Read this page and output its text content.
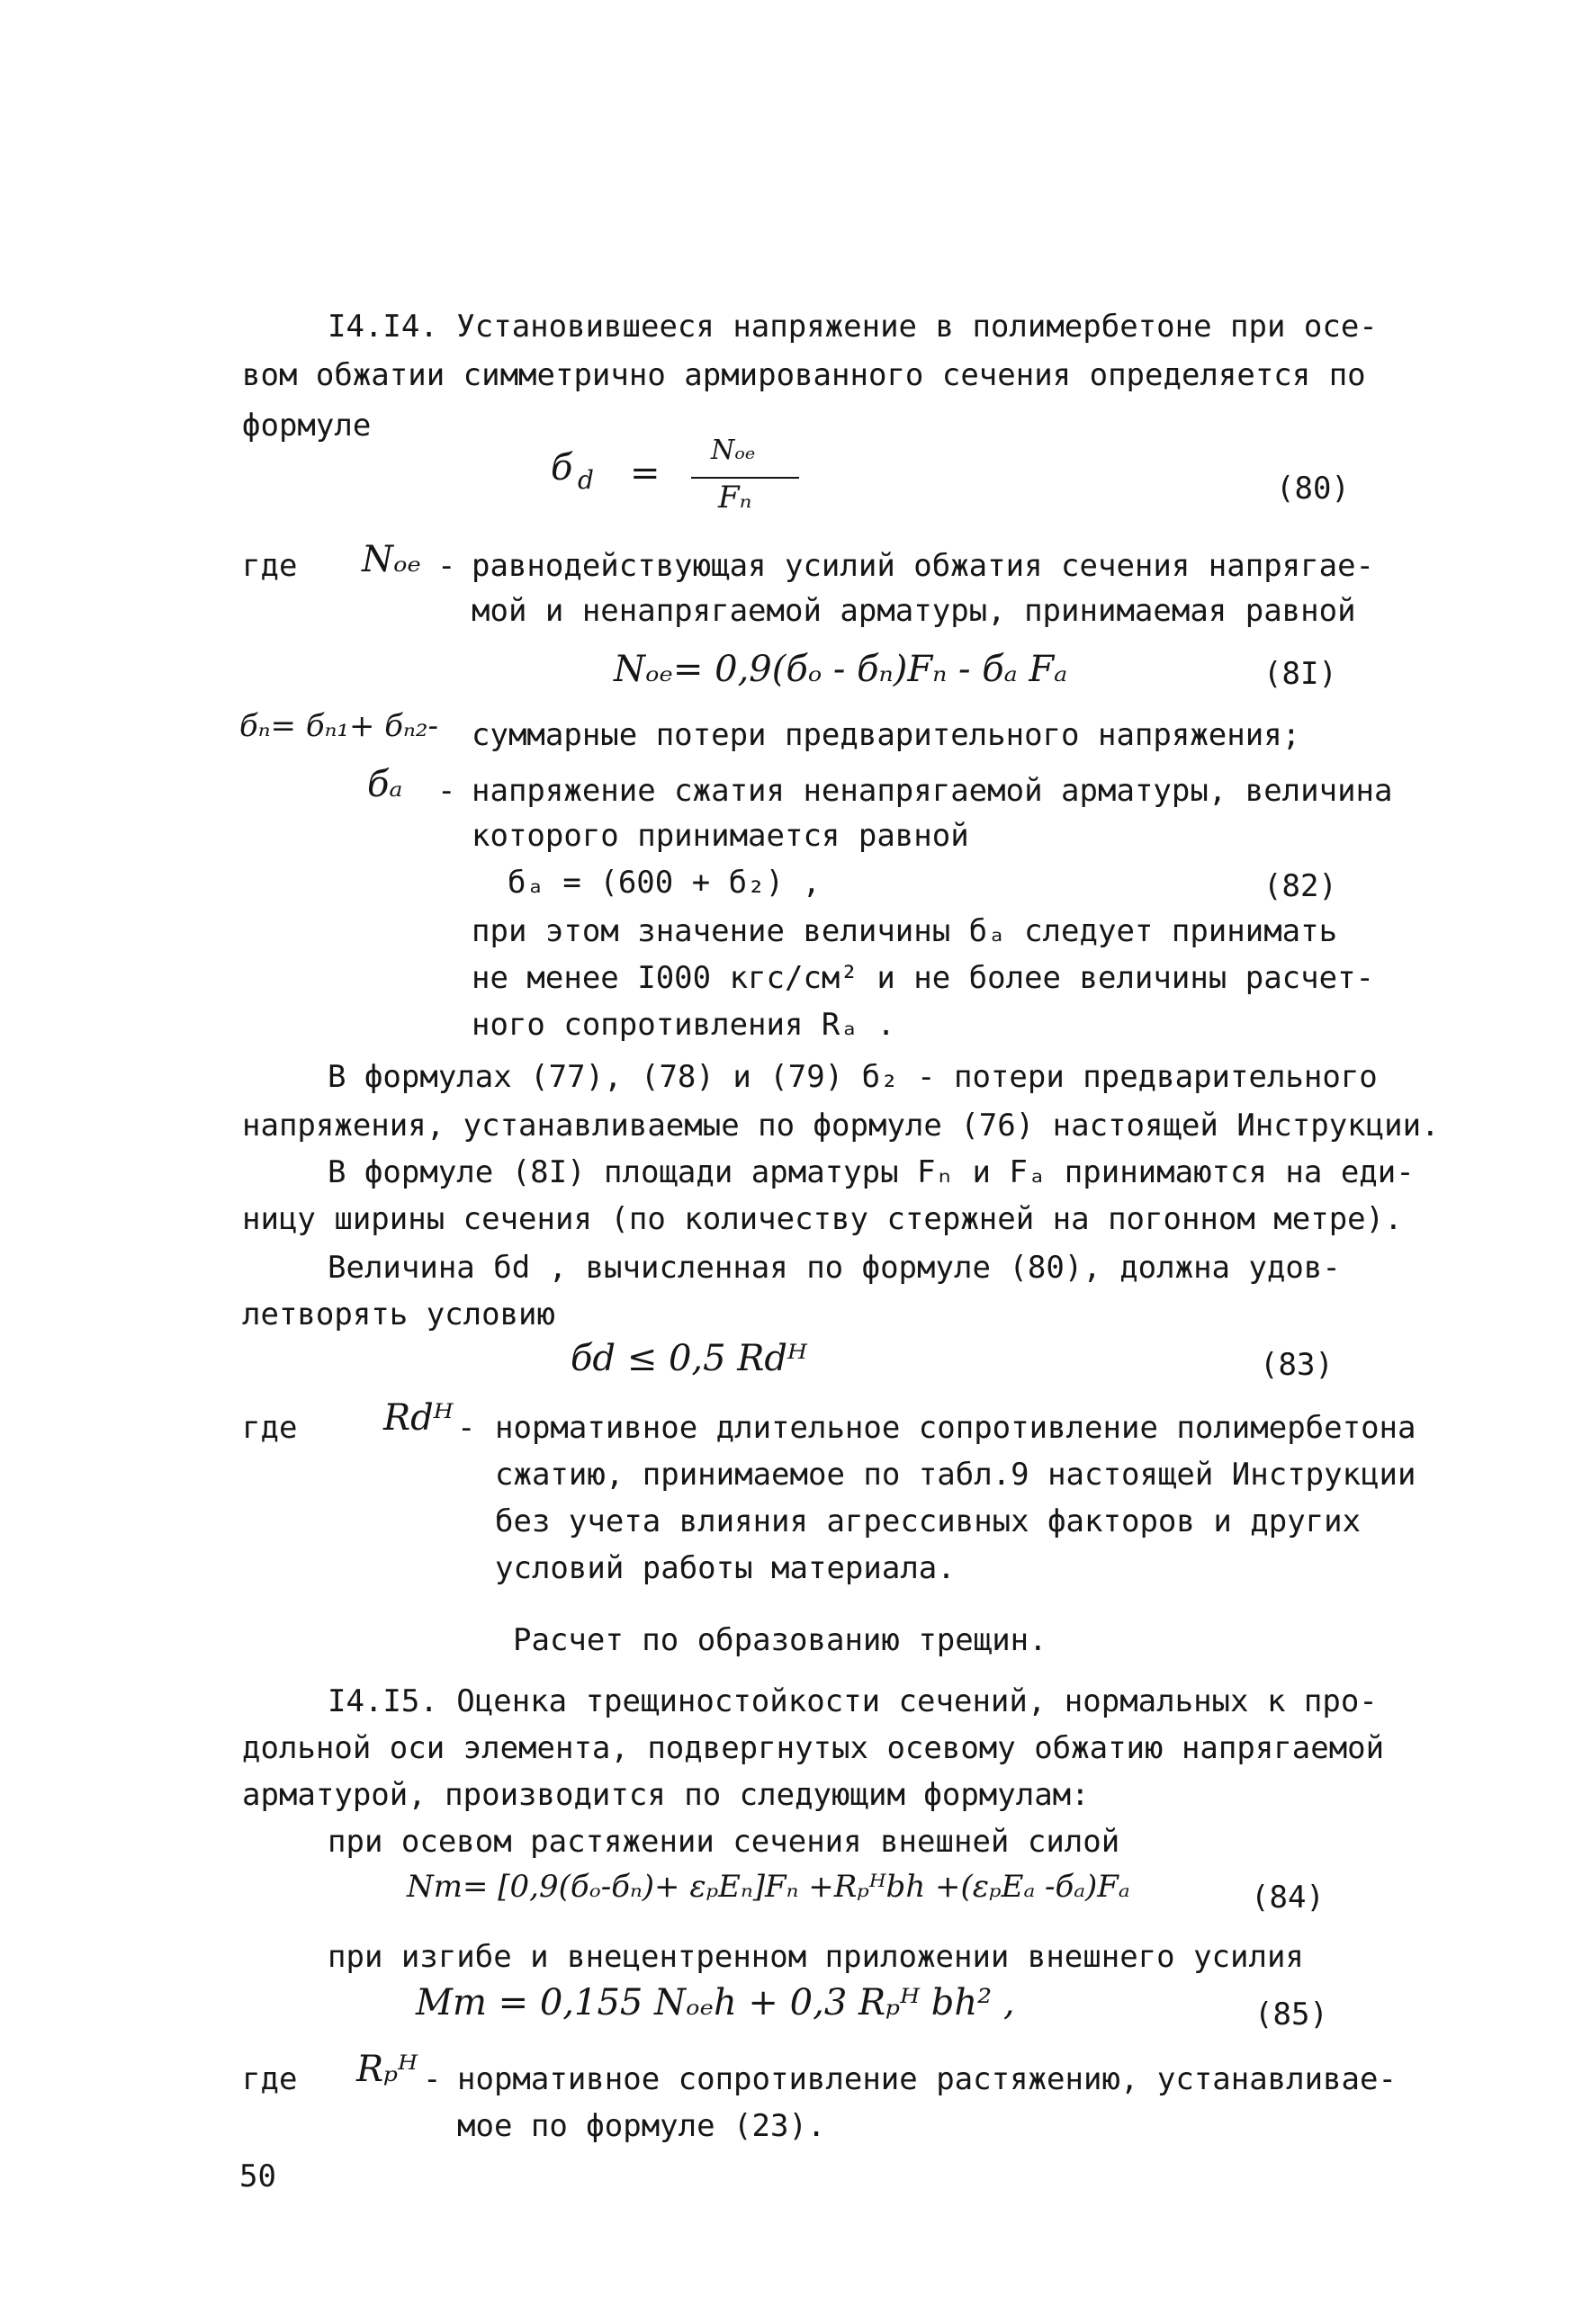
I4.I4. Установившееся напряжение в полимербетоне при осе-
вом обжатии симметрично армированного сечения определяется по
формуле
б d =
Nₒₑ
Fₙ	(80)
где Nₒₑ - равнодействующая усилий обжатия сечения напрягае-
мой и ненапрягаемой арматуры, принимаемая равной
Nₒₑ= 0,9(бₒ - бₙ)Fₙ - бₐ Fₐ	(8I)
бₙ= бₙ₁+ бₙ₂- суммарные потери предварительного напряжения;
бₐ - напряжение сжатия ненапрягаемой арматуры, величина
которого принимается равной
бₐ = (600 + б₂) ,	(82)
при этом значение величины бₐ следует принимать
не менее I000 кгс/см² и не более величины расчет-
ного сопротивления Rₐ .
В формулах (77), (78) и (79) б₂ - потери предварительного
напряжения, устанавливаемые по формуле (76) настоящей Инструкции.
В формуле (8I) площади арматуры Fₙ и Fₐ принимаются на еди-
ницу ширины сечения (по количеству стержней на погонном метре).
Величина бd , вычисленная по формуле (80), должна удов-
летворять условию
бd ≤ 0,5 Rdᴴ	(83)
где Rdᴴ - нормативное длительное сопротивление полимербетона
сжатию, принимаемое по табл.9 настоящей Инструкции
без учета влияния агрессивных факторов и других
условий работы материала.
Расчет по образованию трещин.
I4.I5. Оценка трещиностойкости сечений, нормальных к про-
дольной оси элемента, подвергнутых осевому обжатию напрягаемой
арматурой, производится по следующим формулам:
при осевом растяжении сечения внешней силой
Nт= [0,9(бₒ-бₙ)+ εₚEₙ]Fₙ +Rₚᴴbh +(εₚEₐ -бₐ)Fₐ	(84)
при изгибе и внецентренном приложении внешнего усилия
Mт = 0,155 Nₒₑh + 0,3 Rₚᴴ bh² ,	(85)
где Rₚᴴ - нормативное сопротивление растяжению, устанавливае-
мое по формуле (23).
50
